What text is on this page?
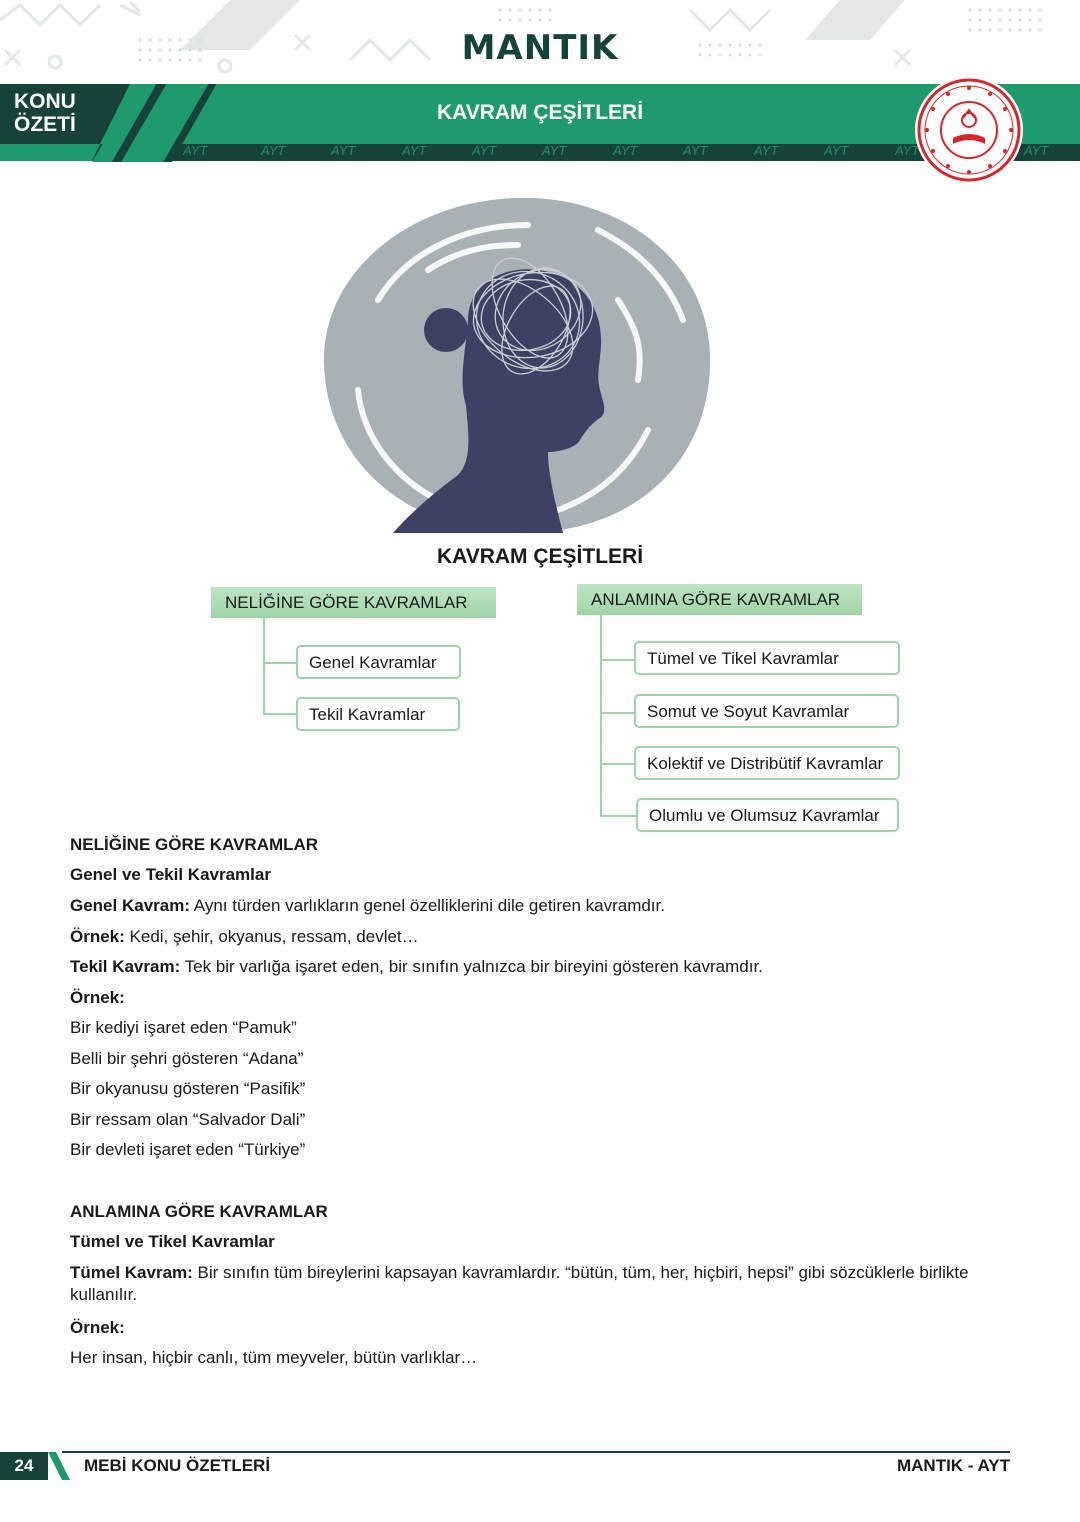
MANTIK
KONU
ÖZETİ
KAVRAM ÇEŞİTLERİ
AYT	AYT	AYT	AYT	AYT	AYT	AYT	AYT	AYT	AYT	AYT	AYT
KAVRAM ÇEŞİTLERİ
NELİĞİNE GÖRE KAVRAMLAR
Genel Kavramlar
Tekil Kavramlar
ANLAMINA GÖRE KAVRAMLAR
Tümel ve Tikel Kavramlar
Somut ve Soyut Kavramlar
Kolektif ve Distribütif Kavramlar
Olumlu ve Olumsuz Kavramlar
NELİĞİNE GÖRE KAVRAMLAR
Genel ve Tekil Kavramlar
Genel Kavram: Aynı türden varlıkların genel özelliklerini dile getiren kavramdır.
Örnek: Kedi, şehir, okyanus, ressam, devlet…
Tekil Kavram: Tek bir varlığa işaret eden, bir sınıfın yalnızca bir bireyini gösteren kavramdır.
Örnek:
Bir kediyi işaret eden “Pamuk”
Belli bir şehri gösteren “Adana”
Bir okyanusu gösteren “Pasifik”
Bir ressam olan “Salvador Dali”
Bir devleti işaret eden “Türkiye”
ANLAMINA GÖRE KAVRAMLAR
Tümel ve Tikel Kavramlar
Tümel Kavram: Bir sınıfın tüm bireylerini kapsayan kavramlardır. “bütün, tüm, her, hiçbiri, hepsi” gibi sözcüklerle birlikte kullanılır.
Örnek:
Her insan, hiçbir canlı, tüm meyveler, bütün varlıklar…
24	MEBİ KONU ÖZETLERİ	MANTIK - AYT
